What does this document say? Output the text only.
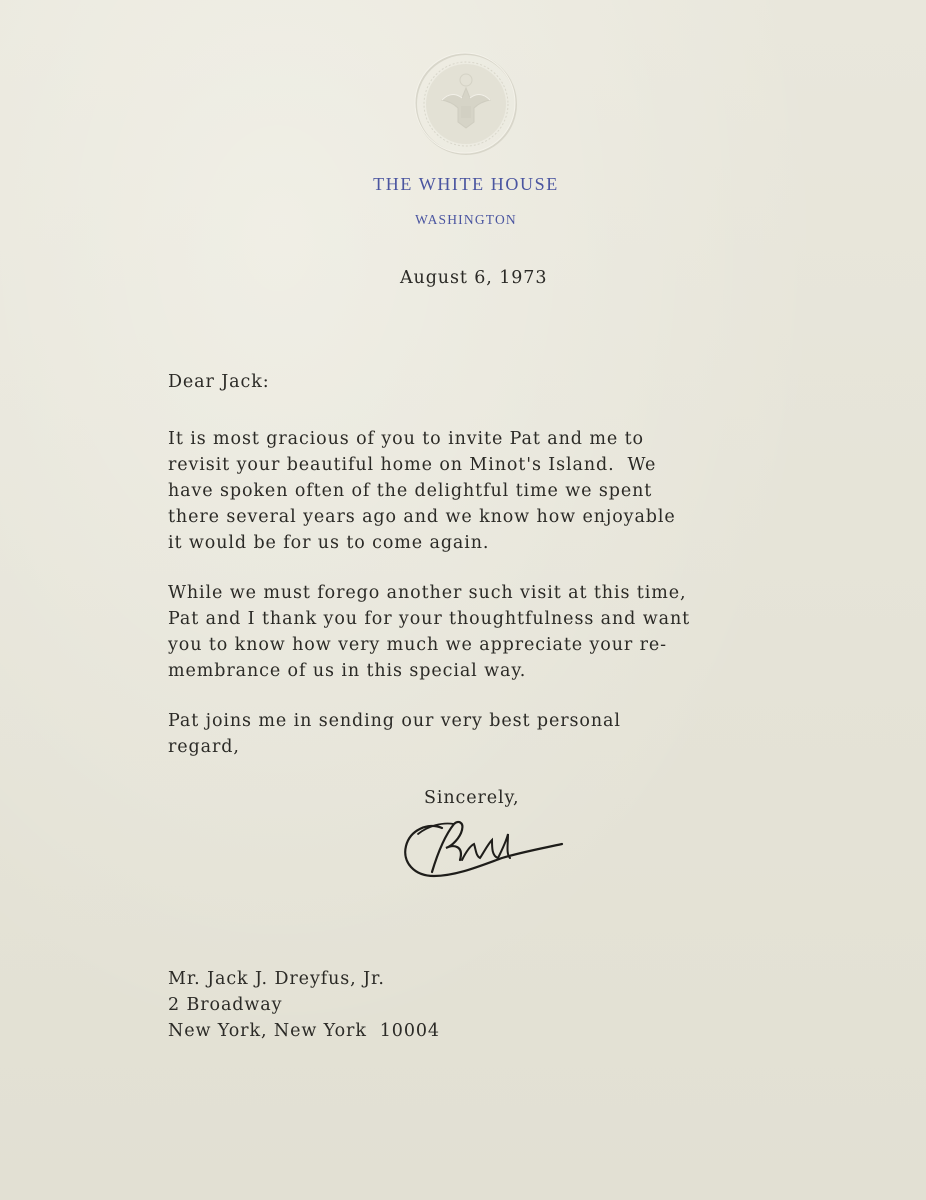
THE WHITE HOUSE
WASHINGTON

August 6, 1973

Dear Jack:

It is most gracious of you to invite Pat and me to

revisit your beautiful home on Minot's Island.  We

have spoken often of the delightful time we spent

there several years ago and we know how enjoyable

it would be for us to come again.

While we must forego another such visit at this time,

Pat and I thank you for your thoughtfulness and want

you to know how very much we appreciate your re-

membrance of us in this special way.

Pat joins me in sending our very best personal

regard,

Sincerely,

Mr. Jack J. Dreyfus, Jr.

2 Broadway

New York, New York  10004
